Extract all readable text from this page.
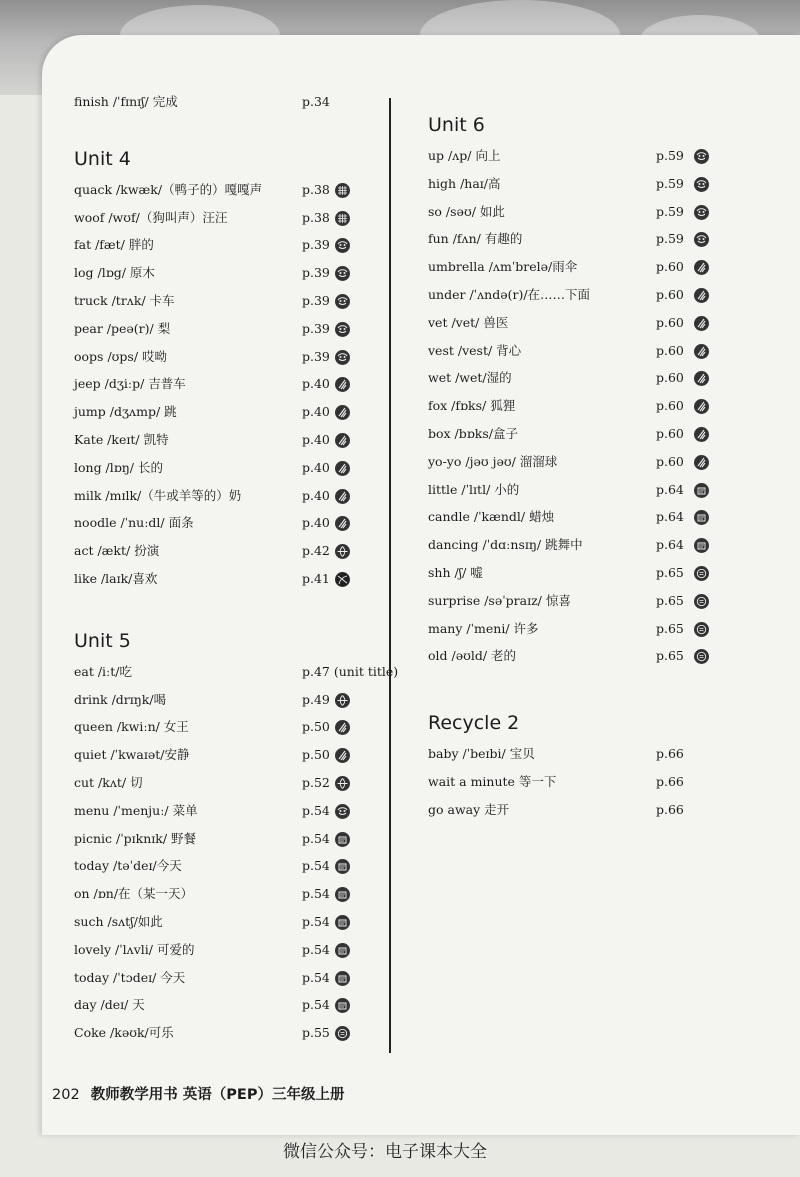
finish /ˈfɪnɪʃ/ 完成	p.34
Unit 4
quack /kwæk/（鸭子的）嘎嘎声	p.38
woof /wʊf/（狗叫声）汪汪	p.38
fat /fæt/ 胖的	p.39
log /lɒg/ 原木	p.39
truck /trʌk/ 卡车	p.39
pear /peə(r)/ 梨	p.39
oops /ʊps/ 哎呦	p.39
jeep /dʒiːp/ 吉普车	p.40
jump /dʒʌmp/ 跳	p.40
Kate /keɪt/ 凯特	p.40
long /lɒŋ/ 长的	p.40
milk /mɪlk/（牛或羊等的）奶	p.40
noodle /ˈnuːdl/ 面条	p.40
act /ækt/ 扮演	p.42
like /laɪk/喜欢	p.41
Unit 5
eat /iːt/吃	p.47 (unit title)
drink /drɪŋk/喝	p.49
queen /kwiːn/ 女王	p.50
quiet /ˈkwaɪət/安静	p.50
cut /kʌt/ 切	p.52
menu /ˈmenjuː/ 菜单	p.54
picnic /ˈpɪknɪk/ 野餐	p.54
today /təˈdeɪ/今天	p.54
on /ɒn/在（某一天）	p.54
such /sʌtʃ/如此	p.54
lovely /ˈlʌvli/ 可爱的	p.54
today /ˈtɔdeɪ/ 今天	p.54
day /deɪ/ 天	p.54
Coke /kəʊk/可乐	p.55
Unit 6
up /ʌp/ 向上	p.59
high /haɪ/高	p.59
so /səʊ/ 如此	p.59
fun /fʌn/ 有趣的	p.59
umbrella /ʌmˈbrelə/雨伞	p.60
under /ˈʌndə(r)/在……下面	p.60
vet /vet/ 兽医	p.60
vest /vest/ 背心	p.60
wet /wet/湿的	p.60
fox /fɒks/ 狐狸	p.60
box /bɒks/盒子	p.60
yo-yo /jəʊ jəʊ/ 溜溜球	p.60
little /ˈlɪtl/ 小的	p.64
candle /ˈkændl/ 蜡烛	p.64
dancing /ˈdɑːnsɪŋ/ 跳舞中	p.64
shh /ʃ/ 嘘	p.65
surprise /səˈpraɪz/ 惊喜	p.65
many /ˈmeni/ 许多	p.65
old /əʊld/ 老的	p.65
Recycle 2
baby /ˈbeɪbi/ 宝贝	p.66
wait a minute 等一下	p.66
go away 走开	p.66
202 教师教学用书 英语（PEP）三年级上册
微信公众号：电子课本大全
